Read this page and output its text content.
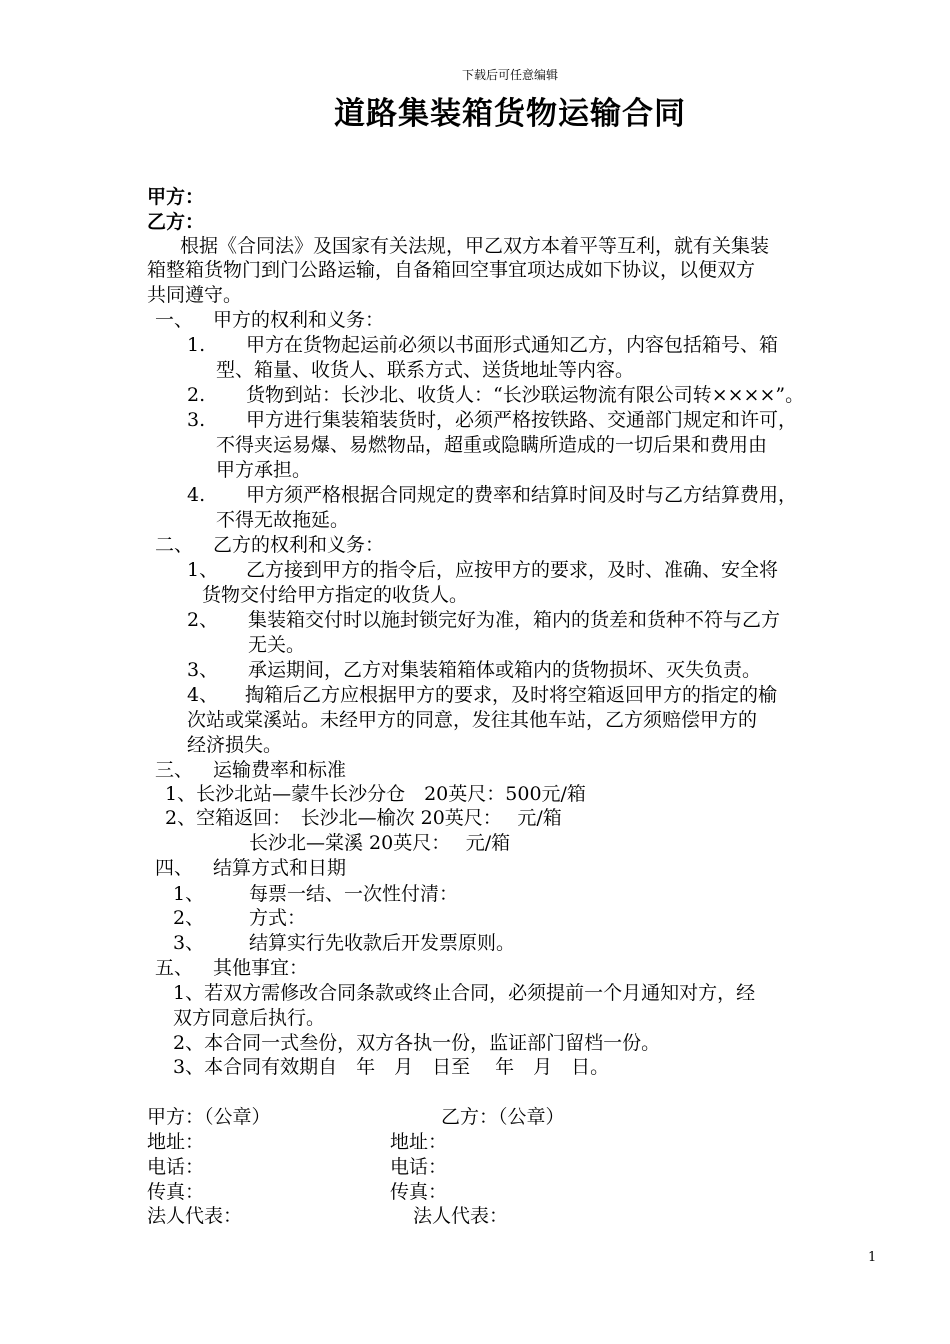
下载后可任意编辑
道路集装箱货物运输合同
甲方：
乙方：
根据《合同法》及国家有关法规，甲乙双方本着平等互利，就有关集装
箱整箱货物门到门公路运输，自备箱回空事宜项达成如下协议，以便双方
共同遵守。
一、 甲方的权利和义务：
1. 甲方在货物起运前必须以书面形式通知乙方，内容包括箱号、箱
型、箱量、收货人、联系方式、送货地址等内容。
2. 货物到站：长沙北、收货人：“长沙联运物流有限公司转××××”。
3. 甲方进行集装箱装货时，必须严格按铁路、交通部门规定和许可，
不得夹运易爆、易燃物品，超重或隐瞒所造成的一切后果和费用由
甲方承担。
4. 甲方须严格根据合同规定的费率和结算时间及时与乙方结算费用，
不得无故拖延。
二、 乙方的权利和义务：
1、 乙方接到甲方的指令后，应按甲方的要求，及时、准确、安全将
货物交付给甲方指定的收货人。
2、 集装箱交付时以施封锁完好为准，箱内的货差和货种不符与乙方
无关。
3、 承运期间，乙方对集装箱箱体或箱内的货物损坏、灭失负责。
4、 掏箱后乙方应根据甲方的要求，及时将空箱返回甲方的指定的榆
次站或棠溪站。未经甲方的同意，发往其他车站，乙方须赔偿甲方的
经济损失。
三、 运输费率和标准
1、长沙北站—蒙牛长沙分仓　20英尺：500元/箱
2、空箱返回：　长沙北—榆次 20英尺：　 元/箱
长沙北—棠溪 20英尺：　 元/箱
四、 结算方式和日期
1、 每票一结、一次性付清：
2、 方式：
3、 结算实行先收款后开发票原则。
五、 其他事宜：
1、若双方需修改合同条款或终止合同，必须提前一个月通知对方，经
双方同意后执行。
2、本合同一式叁份，双方各执一份，监证部门留档一份。
3、本合同有效期自　年　月　日至　 年　月　日。
甲方：（公章）	乙方：（公章）
地址：	地址：
电话：	电话：
传真：	传真：
法人代表：	法人代表：
1
